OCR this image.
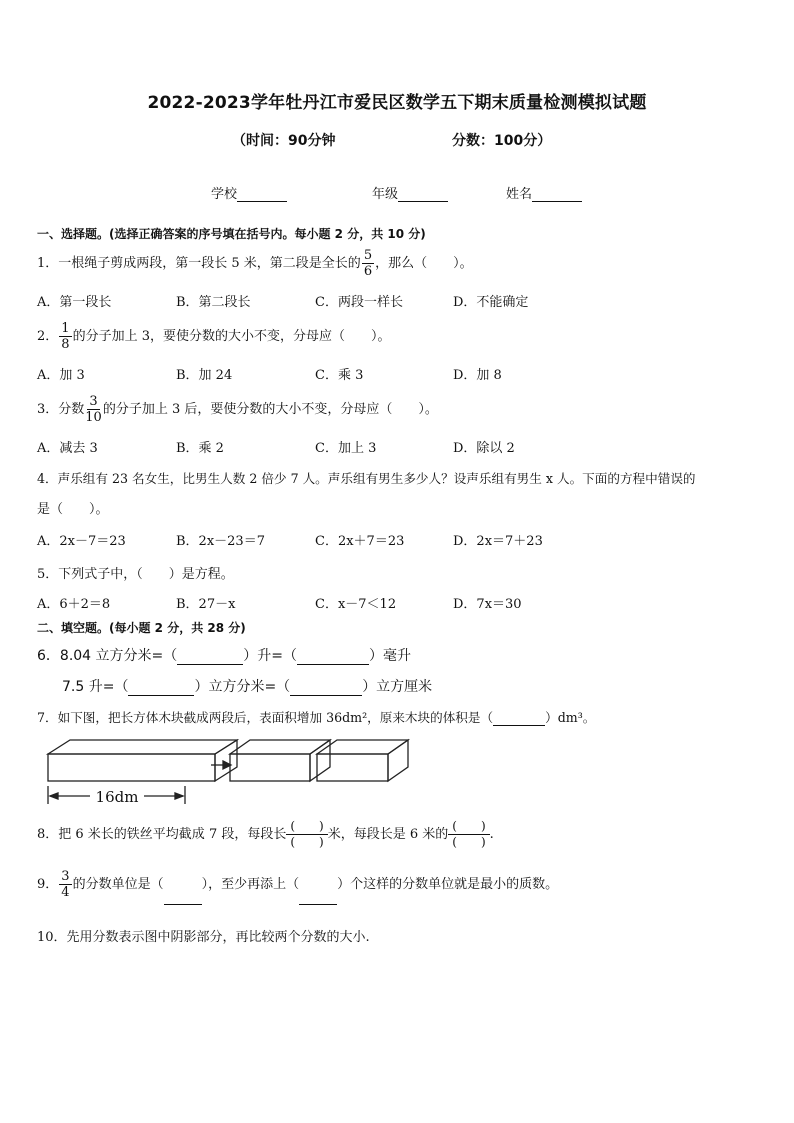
2022-2023学年牡丹江市爱民区数学五下期末质量检测模拟试题
（时间：90分钟	分数：100分）
学校	年级	姓名
一、选择题。(选择正确答案的序号填在括号内。每小题 2 分，共 10 分)
1．一根绳子剪成两段，第一段长 5 米，第二段是全长的 $\frac{5}{6}$ ，那么（　　）。
A．第一段长	B．第二段长	C．两段一样长	D．不能确定
2． $\frac{1}{8}$ 的分子加上 3，要使分数的大小不变，分母应（　　）。
A．加 3	B．加 24	C．乘 3	D．加 8
3．分数 $\frac{3}{10}$ 的分子加上 3 后，要使分数的大小不变，分母应（　　）。
A．减去 3	B．乘 2	C．加上 3	D．除以 2
4．声乐组有 23 名女生，比男生人数 2 倍少 7 人。声乐组有男生多少人？设声乐组有男生 x 人。下面的方程中错误的
是（　　）。
A．2x－7＝23	B．2x－23＝7	C．2x＋7＝23	D．2x＝7＋23
5．下列式子中，（　　）是方程。
A．6＋2＝8	B．27－x	C．x－7＜12	D．7x＝30
二、填空题。(每小题 2 分，共 28 分)
6．8.04 立方分米=（	）升=（	）毫升
7.5 升=（	）立方分米=（	）立方厘米
7．如下图，把长方体木块截成两段后，表面积增加 36dm²，原来木块的体积是（	）dm³。
16dm
8．把 6 米长的铁丝平均截成 7 段，每段长 $\frac{( )}{( )}$ 米，每段长是 6 米的 $\frac{( )}{( )}$ .
9． $\frac{3}{4}$ 的分数单位是（	），至少再添上（	）个这样的分数单位就是最小的质数。
10．先用分数表示图中阴影部分，再比较两个分数的大小.
